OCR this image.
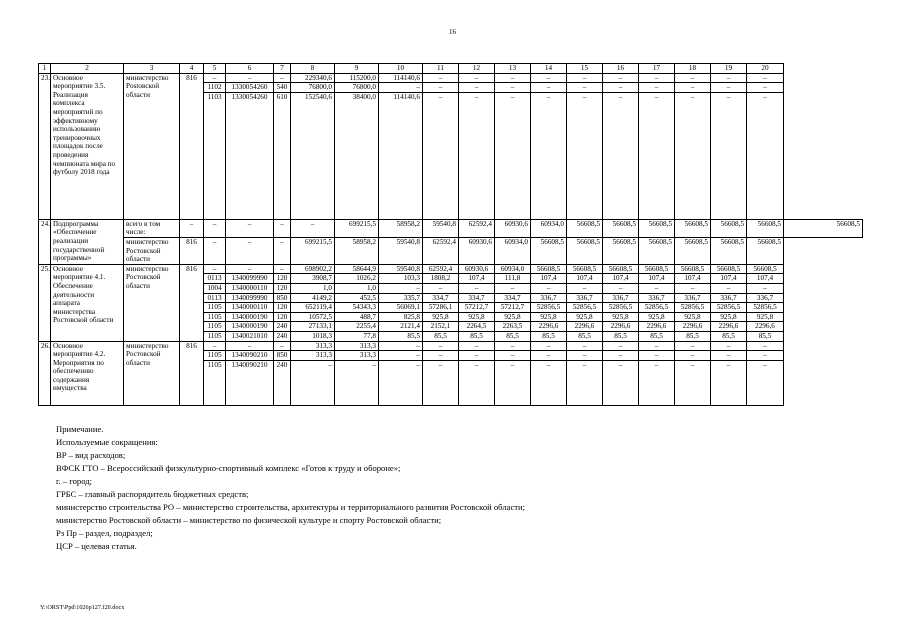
16
1	2	3	4	5	6	7	8	9	10	11	12	13	14	15	16	17	18	19	20	
23.	Основное мероприятие 3.5. Реализация комплекса мероприятий по эффективному использованию тренировочных площадок после проведения чемпионата мира по футболу 2018 года	министерство Рostовской области	816	–	–	–	229340,6	115200,0	114140,6	–	–	–	–	–	–	–	–	–	–	
				1102	1330054260	540	76800,0	76800,0	–	–	–	–	–	–	–	–	–	–	–	
				1103	1330054260	610	152540,6	38400,0	114140,6	–	–	–	–	–	–	–	–	–	–	
24.	Подпрограмма «Обеспечение реализации государственной программы»	всего в том числе:	–	–	–	–	–	699215,5	58958,2	59540,8	62592,4	60930,6	60934,0	56608,5	56608,5	56608,5	56608,5	56608,5	56608,5	56608,5
		министерство Ростовской области	816	–	–	–	699215,5	58958,2	59540,8	62592,4	60930,6	60934,0	56608,5	56608,5	56608,5	56608,5	56608,5	56608,5	56608,5	
25.	Основное мероприятие 4.1. Обеспечение деятельности аппарата министерства Ростовской области	министерство Ростовской области	816	–	–	–	698902,2	58644,9	59540,8	62592,4	60930,6	60934,0	56608,5	56608,5	56608,5	56608,5	56608,5	56608,5	56608,5	
				0113	1340099990	120	3908,7	1026,2	103,3	1808,2	107,4	111,8	107,4	107,4	107,4	107,4	107,4	107,4	107,4	
				1004	1340000110	120	1,0	1,0	–	–	–	–	–	–	–	–	–	–	–	
				0113	1340099990	850	4149,2	452,5	335,7	334,7	334,7	334,7	336,7	336,7	336,7	336,7	336,7	336,7	336,7	
				1105	1340000110	120	652119,4	54343,3	56069,1	57286,1	57212,7	57212,7	52856,5	52856,5	52856,5	52856,5	52856,5	52856,5	52856,5	
				1105	1340000190	120	10572,5	488,7	825,8	925,8	925,8	925,8	925,8	925,8	925,8	925,8	925,8	925,8	925,8	
				1105	1340000190	240	27133,1	2255,4	2121,4	2152,1	2264,5	2263,5	2296,6	2296,6	2296,6	2296,6	2296,6	2296,6	2296,6	
				1105	1340021010	240	1018,3	77,8	85,5	85,5	85,5	85,5	85,5	85,5	85,5	85,5	85,5	85,5	85,5	
26.	Основное мероприятие 4.2. Мероприятия по обеспечению содержания имущества	министерство Ростовской области	816	–	–	–	313,3	313,3	–	–	–	–	–	–	–	–	–	–	–	
				1105	1340090210	850	313,3	313,3	–	–	–	–	–	–	–	–	–	–	–	
				1105	1340090210	240	–	–	–	–	–	–	–	–	–	–	–	–	–	
Примечание.
Используемые сокращения:
ВР – вид расходов;
ВФСК ГТО – Всероссийский физкультурно-спортивный комплекс «Готов к труду и обороне»;
г. – город;
ГРБС – главный распорядитель бюджетных средств;
министерство строительства РО – министерство строительства, архитектуры и территориального развития Ростовской области;
министерство Ростовской области – министерство по физической культуре и спорту Ростовской области;
Рз Пр – раздел, подраздел;
ЦСР – целевая статья.
Y:\ORST\Ppd\1026p127.f20.docx
